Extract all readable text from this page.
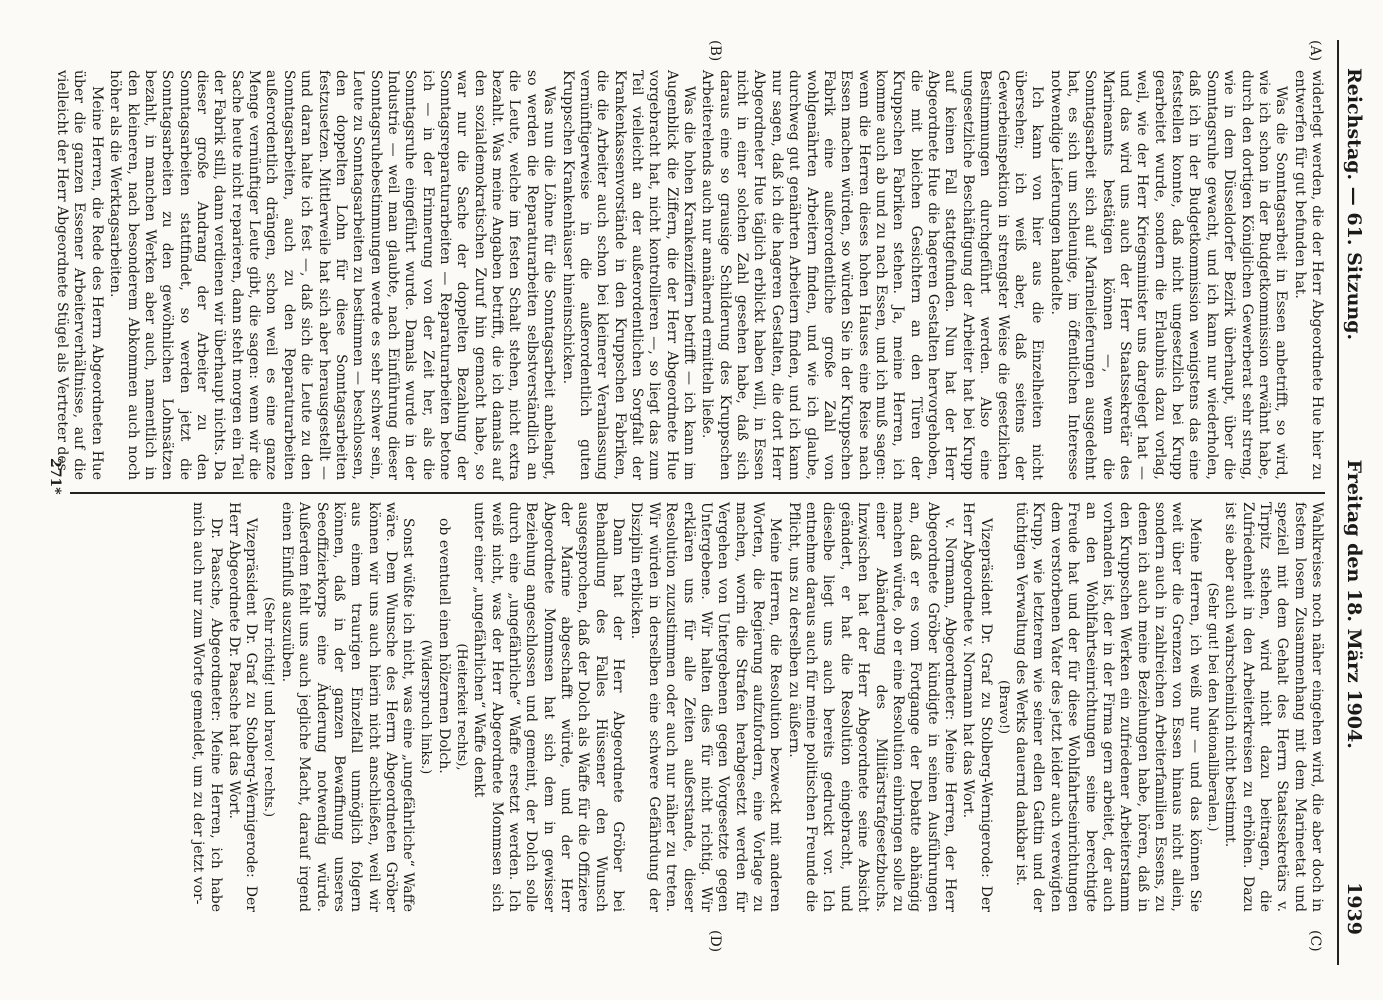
Reichstag. — 61. Sitzung.
Freitag den 18. März 1904.  1939
(A)
(B)
(C)
(D)

widerlegt werden, die der Herr Abgeordnete Hue hier zu entwerfen für gut befunden hat.

Was die Sonntagsarbeit in Essen anbetrifft, so wird, wie ich schon in der Budgetkommission erwähnt habe, durch den dortigen Königlichen Gewerberat sehr streng, wie in dem Düsseldorfer Bezirk überhaupt, über die Sonntagsruhe gewacht, und ich kann nur wiederholen, daß ich in der Budgetkommission wenigstens das eine feststellen konnte, daß nicht ungesetzlich bei Krupp gearbeitet wurde, sondern die Erlaubnis dazu vorlag, weil, wie der Herr Kriegsminister uns dargelegt hat — und das wird uns auch der Herr Staatssekretär des Marineamts bestätigen können —, wenn die Sonntagsarbeit sich auf Marinelieferungen ausgedehnt hat, es sich um schleunige, im öffentlichen Interesse notwendige Lieferungen handelte.

Ich kann von hier aus die Einzelheiten nicht übersehen; ich weiß aber, daß seitens der Gewerbeinspektion in strengster Weise die gesetzlichen Bestimmungen durchgeführt werden. Also eine ungesetzliche Beschäftigung der Arbeiter hat bei Krupp auf keinen Fall stattgefunden. Nun hat der Herr Abgeordnete Hue die hageren Gestalten hervorgehoben, die mit bleichen Gesichtern an den Türen der Kruppschen Fabriken stehen. Ja, meine Herren, ich komme auch ab und zu nach Essen, und ich muß sagen: wenn die Herren dieses hohen Hauses eine Reise nach Essen machen würden, so würden Sie in der Kruppschen Fabrik eine außerordentliche große Zahl von wohlgenährten Arbeitern finden, und wie ich glaube, durchweg gut genährten Arbeitern finden, und ich kann nur sagen, daß ich die hageren Gestalten, die dort Herr Abgeordneter Hue täglich erblickt haben will, in Essen nicht in einer solchen Zahl gesehen habe, daß sich daraus eine so grausige Schilderung des Kruppschen Arbeiterelends auch nur annähernd ermitteln ließe.

Was die hohen Krankenziffern betrifft — ich kann im Augenblick die Ziffern, die der Herr Abgeordnete Hue vorgebracht hat, nicht kontrollieren —, so liegt das zum Teil vielleicht an der außerordentlichen Sorgfalt der Krankenkassenvorstände in den Kruppschen Fabriken, die die Arbeiter auch schon bei kleinerer Veranlassung vernünftigerweise in die außerordentlich guten Kruppschen Krankenhäuser hineinschicken.

Was nun die Löhne für die Sonntagsarbeit anbelangt, so werden die Reparaturarbeiten selbstverständlich an die Leute, welche im festen Schalt stehen, nicht extra bezahlt. Was meine Angaben betrifft, die ich damals auf den sozialdemokratischen Zuruf hin gemacht habe, so war nur die Sache der doppelten Bezahlung der Sonntagsreparaturarbeiten — Reparaturarbeiten betone ich — in der Erinnerung von der Zeit her, als die Sonntagsruhe eingeführt wurde. Damals wurde in der Industrie — weil man glaubte, nach Einführung dieser Sonntagsruhebestimmungen werde es sehr schwer sein, Leute zu Sonntagsarbeiten zu bestimmen — beschlossen, den doppelten Lohn für diese Sonntagsarbeiten festzusetzen. Mittlerweile hat sich aber herausgestellt — und daran halte ich fest —, daß sich die Leute zu den Sonntagsarbeiten, auch zu den Reparaturarbeiten außerordentlich drängen, schon weil es eine ganze Menge vernünftiger Leute gibt, die sagen: wenn wir die Sache heute nicht reparieren, dann steht morgen ein Teil der Fabrik still, dann verdienen wir überhaupt nichts. Da dieser große Andrang der Arbeiter zu den Sonntagsarbeiten stattfindet, so werden jetzt die Sonntagsarbeiten zu den gewöhnlichen Lohnsätzen bezahlt, in manchen Werken aber auch, namentlich in den kleineren, nach besonderem Abkommen auch noch höher als die Werktagsarbeiten.

Meine Herren, die Rede des Herrn Abgeordneten Hue über die ganzen Essener Arbeiterverhältnisse, auf die vielleicht der Herr Abgeordnete Stügel als Vertreter des

Wahlkreises noch näher eingehen wird, die aber doch in festem losem Zusammenhang mit dem Marineetat und speziell mit dem Gehalt des Herrn Staatssekretärs v. Tirpitz stehen, wird nicht dazu beitragen, die Zufriedenheit in den Arbeiterkreisen zu erhöhen. Dazu ist sie aber auch wahrscheinlich nicht bestimmt.

(Sehr gut! bei den Nationalliberalen.)

Meine Herren, ich weiß nur — und das können Sie weit über die Grenzen von Essen hinaus nicht allein, sondern auch in zahlreichen Arbeiterfamilien Essens, zu denen ich auch meine Beziehungen habe, hören, daß in den Kruppschen Werken ein zufriedener Arbeiterstamm vorhanden ist, der in der Firma gern arbeitet, der auch an den Wohlfahrtseinrichtungen seine berechtigte Freude hat und der für diese Wohlfahrtseinrichtungen dem verstorbenen Vater des jetzt leider auch verewigten Krupp, wie letzterem wie seiner edlen Gattin und der tüchtigen Verwaltung des Werks dauernd dankbar ist.

(Bravo!)

Vizepräsident Dr. Graf zu Stolberg-Wernigerode: Der Herr Abgeordnete v. Normann hat das Wort.

v. Normann, Abgeordneter: Meine Herren, der Herr Abgeordnete Gröber kündigte in seinen Ausführungen an, daß er es vom Fortgange der Debatte abhängig machen würde, ob er eine Resolution einbringen solle zu einer Abänderung des Militärstrafgesetzbuchs. Inzwischen hat der Herr Abgeordnete seine Absicht geändert, er hat die Resolution eingebracht, und dieselbe liegt uns auch bereits gedruckt vor. Ich entnehme daraus auch für meine politischen Freunde die Pflicht, uns zu derselben zu äußern.

Meine Herren, die Resolution bezweckt mit anderen Worten, die Regierung aufzufordern, eine Vorlage zu machen, worin die Strafen herabgesetzt werden für Vergehen von Untergebenen gegen Vorgesetzte gegen Untergebene. Wir halten dies für nicht richtig. Wir erklären uns für alle Zeiten außerstande, dieser Resolution zuzustimmen oder auch nur näher zu treten. Wir würden in derselben eine schwere Gefährdung der Disziplin erblicken.

Dann hat der Herr Abgeordnete Gröber bei Behandlung des Falles Hüssener den Wunsch ausgesprochen, daß der Dolch als Waffe für die Offiziere der Marine abgeschafft würde, und der Herr Abgeordnete Mommsen hat sich dem in gewisser Beziehung angeschlossen und gemeint, der Dolch solle durch eine „ungefährliche“ Waffe ersetzt werden. Ich weiß nicht, was der Herr Abgeordnete Mommsen sich unter einer „ungefährlichen“ Waffe denkt

(Heiterkeit rechts),

ob eventuell einen hölzernen Dolch.

(Widerspruch links.)

Sonst wüßte ich nicht, was eine „ungefährliche“ Waffe wäre. Dem Wunsche des Herrn Abgeordneten Gröber können wir uns auch hierin nicht anschließen, weil wir aus einem traurigen Einzelfall unmöglich folgern können, daß in der ganzen Bewaffnung unseres Seeoffizierkorps eine Änderung notwendig würde. Außerdem fehlt uns auch jegliche Macht, darauf irgend einen Einfluß auszuüben.

(Sehr richtig! und bravo! rechts.)

Vizepräsident Dr. Graf zu Stolberg-Wernigerode: Der Herr Abgeordnete Dr. Paasche hat das Wort.

Dr. Paasche, Abgeordneter: Meine Herren, ich habe mich auch nur zum Worte gemeldet, um zu der jetzt vor-

271*
